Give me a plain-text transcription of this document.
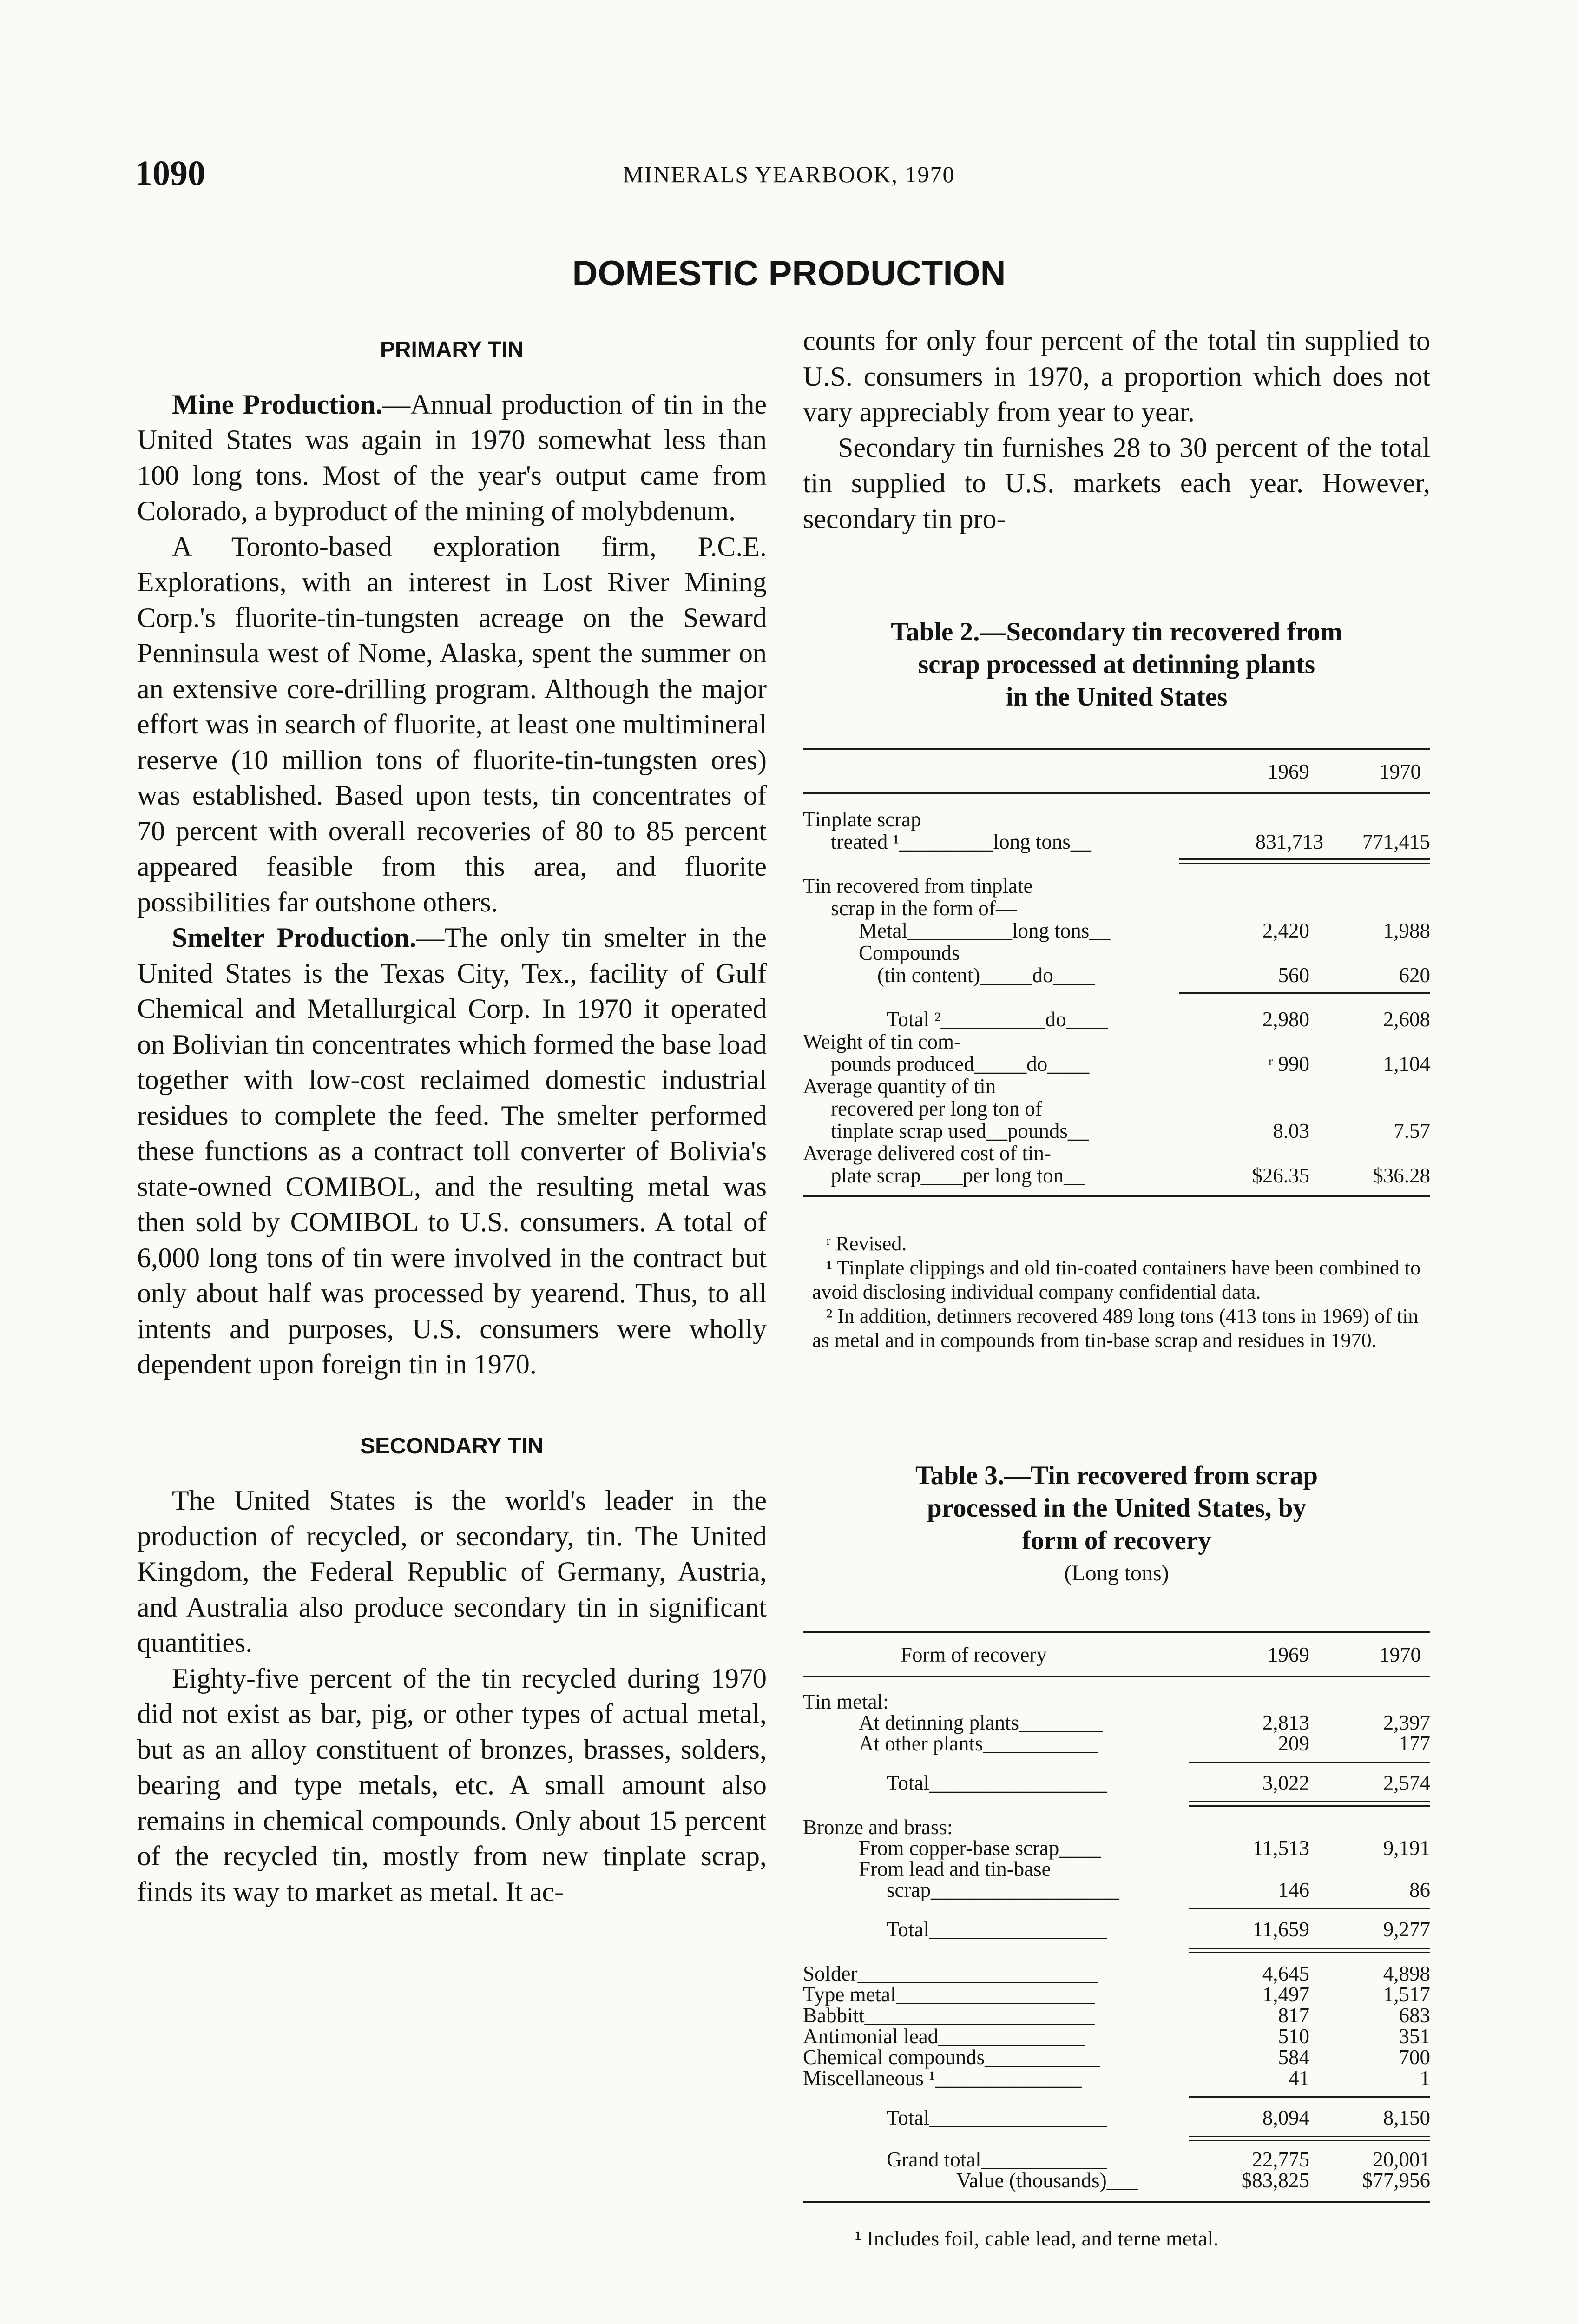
1090	MINERALS YEARBOOK, 1970
DOMESTIC PRODUCTION
PRIMARY TIN

Mine Production.—Annual production of tin in the United States was again in 1970 somewhat less than 100 long tons. Most of the year's output came from Colorado, a byproduct of the mining of molybdenum.

A Toronto-based exploration firm, P.C.E. Explorations, with an interest in Lost River Mining Corp.'s fluorite-tin-tungsten acreage on the Seward Penninsula west of Nome, Alaska, spent the summer on an extensive core-drilling program. Although the major effort was in search of fluorite, at least one multimineral reserve (10 million tons of fluorite-tin-tungsten ores) was established. Based upon tests, tin concentrates of 70 percent with overall recoveries of 80 to 85 percent appeared feasible from this area, and fluorite possibilities far outshone others.

Smelter Production.—The only tin smelter in the United States is the Texas City, Tex., facility of Gulf Chemical and Metallurgical Corp. In 1970 it operated on Bolivian tin concentrates which formed the base load together with low-cost reclaimed domestic industrial residues to complete the feed. The smelter performed these functions as a contract toll converter of Bolivia's state-owned COMIBOL, and the resulting metal was then sold by COMIBOL to U.S. consumers. A total of 6,000 long tons of tin were involved in the contract but only about half was processed by yearend. Thus, to all intents and purposes, U.S. consumers were wholly dependent upon foreign tin in 1970.

SECONDARY TIN

The United States is the world's leader in the production of recycled, or secondary, tin. The United Kingdom, the Federal Republic of Germany, Austria, and Australia also produce secondary tin in significant quantities.

Eighty-five percent of the tin recycled during 1970 did not exist as bar, pig, or other types of actual metal, but as an alloy constituent of bronzes, brasses, solders, bearing and type metals, etc. A small amount also remains in chemical compounds. Only about 15 percent of the recycled tin, mostly from new tinplate scrap, finds its way to market as metal. It ac-

counts for only four percent of the total tin supplied to U.S. consumers in 1970, a proportion which does not vary appreciably from year to year.

Secondary tin furnishes 28 to 30 percent of the total tin supplied to U.S. markets each year. However, secondary tin pro-

Table 2.—Secondary tin recovered from
scrap processed at detinning plants
in the United States
1969	1970
Tinplate scrap
treated ¹_________long tons__	831,713 771,415
Tin recovered from tinplate
scrap in the form of—
Metal__________long tons__	2,420	1,988
Compounds
(tin content)_____do____	560	620
Total ²__________do____	2,980	2,608
Weight of tin com-
pounds produced_____do____	ʳ 990	1,104
Average quantity of tin
recovered per long ton of
tinplate scrap used__pounds__	8.03	7.57
Average delivered cost of tin-
plate scrap____per long ton__	$26.35	$36.28

ʳ Revised.

¹ Tinplate clippings and old tin-coated containers have been combined to avoid disclosing individual company confidential data.

² In addition, detinners recovered 489 long tons (413 tons in 1969) of tin as metal and in compounds from tin-base scrap and residues in 1970.

Table 3.—Tin recovered from scrap
processed in the United States, by
form of recovery
(Long tons)
Form of recovery	1969	1970
Tin metal:
At detinning plants________	2,813	2,397
At other plants___________	209	177
Total_________________	3,022	2,574
Bronze and brass:
From copper-base scrap____	11,513	9,191
From lead and tin-base
scrap__________________	146	86
Total_________________	11,659	9,277
Solder_______________________	4,645	4,898
Type metal___________________	1,497	1,517
Babbitt______________________	817	683
Antimonial lead______________	510	351
Chemical compounds___________	584	700
Miscellaneous ¹______________	41	1
Total_________________	8,094	8,150
Grand total____________	22,775	20,001
Value (thousands)___	$83,825	$77,956

¹ Includes foil, cable lead, and terne metal.
